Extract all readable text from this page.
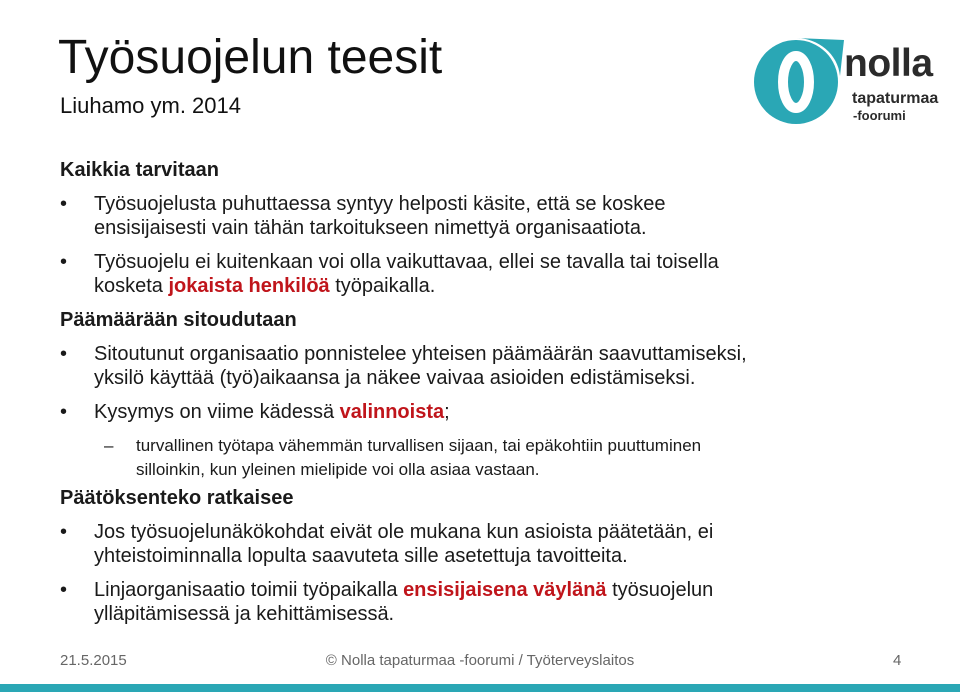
Työsuojelun teesit
Liuhamo ym. 2014
nolla
tapaturmaa
-foorumi
Kaikkia tarvitaan
• Työsuojelusta puhuttaessa syntyy helposti käsite, että se koskee
ensisijaisesti vain tähän tarkoitukseen nimettyä organisaatiota.
• Työsuojelu ei kuitenkaan voi olla vaikuttavaa, ellei se tavalla tai toisella
kosketa jokaista henkilöä työpaikalla.
Päämäärään sitoudutaan
• Sitoutunut organisaatio ponnistelee yhteisen päämäärän saavuttamiseksi,
yksilö käyttää (työ)aikaansa ja näkee vaivaa asioiden edistämiseksi.
• Kysymys on viime kädessä valinnoista;
– turvallinen työtapa vähemmän turvallisen sijaan, tai epäkohtiin puuttuminen
silloinkin, kun yleinen mielipide voi olla asiaa vastaan.
Päätöksenteko ratkaisee
• Jos työsuojelunäkökohdat eivät ole mukana kun asioista päätetään, ei
yhteistoiminnalla lopulta saavuteta sille asetettuja tavoitteita.
• Linjaorganisaatio toimii työpaikalla ensisijaisena väylänä työsuojelun
ylläpitämisessä ja kehittämisessä.
21.5.2015	© Nolla tapaturmaa -foorumi / Työterveyslaitos	4
